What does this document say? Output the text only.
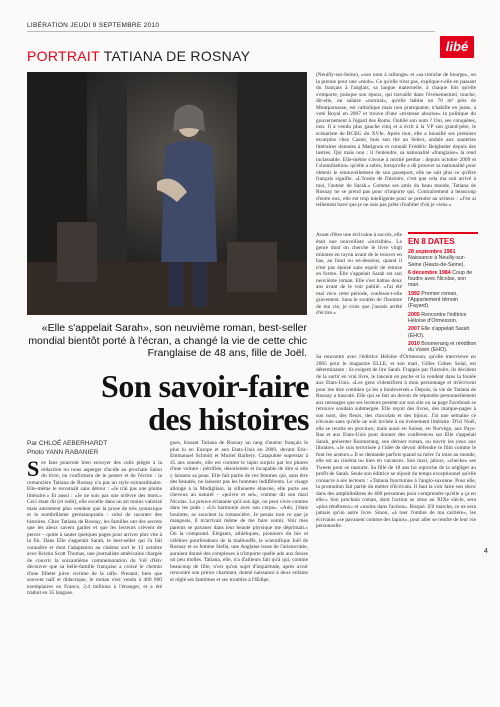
LIBÉRATION JEUDI 9 SEPTEMBRE 2010
libé
PORTRAIT TATIANA DE ROSNAY
«Elle s'appelait Sarah», son neuvième roman, best-seller mondial bientôt porté à l'écran, a changé la vie de cette chic Franglaise de 48 ans, fille de Joël.
Son savoir-faire
des histoires
Par CHLOÉ AEBERHARDT
Photo YANN RABANIER
S es fans pourront bien envoyer des colis piégés à la rédaction ou nous asperger d'acide au prochain Salon du livre, on confirmera de le penser et de l'écrire : la romancière Tatiana de Rosnay n'a pas un style extraordinaire. Elle-même le reconnaît sans détour : «Je n'ai pas une plume littéraire.» Et aussi : «Je ne suis pas une orfèvre des mots.» Ceci étant dit (et redit), elle excelle dans un art moins valorisé mais autrement plus vendeur que la prose de très syntaxique et le nombrilisme germanopratin : celui de raconter des histoires. Chez Tatiana de Rosnay, les familles ont des secrets que les aïeux savent garder et que les lecteurs crèvent de percer – quitte à sauter quelques pages pour arriver plus vite à la fin. Dans Elle s'appelait Sarah, le best-seller qui l'a fait connaître et dont l'adaptation au cinéma sort le 13 octobre avec Kristin Scott Thomas, une journaliste américaine chargée de couvrir la soixantième commémoration du Vél d'Hiv découvre que sa belle-famille française a croisé le chemin d'une fillette juive victime de la rafle. Prenant, bien que souvent naïf et didactique, le roman s'est vendu à 400 000 exemplaires en France, 2,4 millions à l'étranger, et a été traduit en 35 langues.
gues, hissant Tatiana de Rosnay au rang d'auteur français le plus lu en Europe et aux Etats-Unis en 2009, devant Eric-Emmanuel Schmitt et Muriel Barbery. Catapultée superstar à 45 ans sonnés, elle est comme le lapin surpris par les phares d'une voiture : pétrifiée, désorientée et incapable de dire si elle y laissera sa peau. Elle fait partie de ces femmes qui, sans être des beautés, ne laissent pas les hommes indifférents. Le visage allongé à la Modigliani, la silhouette élancée, elle porte ses cheveux au naturel – «poivre et sel», comme dit son mari Nicolas. La preuve éclatante qu'à son âge, on peut vivre comme dans les pubs : «Un harmonie avec son corps». «Ado, j'étais boulotte, se souvient la romancière. Je pesais tout ce que je mangeais, il m'arrivait même de me faire vomir. Voir mes parents se pavaner dans leur beauté physique me déprimait.» On la comprend. Elégants, athlétiques, pionniers du bio et célèbres pourfendeurs de la malbouffe, le scientifique Joël de Rosnay et sa femme Stella, une Anglaise issue de l'aristocratie, auraient donné des complexes à n'importe quelle ado aux fesses un peu molles. Tatiana, elle, n'a d'ailleurs fait qu'à qui, comme beaucoup de fille, n'est qu'un sujet d'inquiétude, après avoir rencontré son prince charmant, donné naissance à deux enfants et réglé ses fantômes et ses troubles à l'Œdipe.
(Neuilly-sur-Seine), «son nom à rallonge» et «sa tronche de bourge», on la prenne pour une «mob». Ce qu'elle n'est pas, explique-t-elle en passant du français à l'anglais, sa langue maternelle, à chaque fois qu'elle s'emporte, puisque son époux, qui travaille dans l'événementiel, touche, dit-elle, un salaire «normal», qu'elle habite un 70 m² près de Montparnasse, est catholique mais non pratiquante, n'habille en jeans, a voté Royal en 2007 et trouve d'une «tristesse absolue» la politique du gouvernement à l'égard des Roms. Oublié son nom ? Oui, ses conquêtes, non. Il a vendu plus gauche cinq et a écrit à la VP son grand-père, le scénariste de BCBG du XVIe. Après tout, elle a bousillé ses premiers escarpins chez Castel, bois son thé au Select, andale aux sauteries littéraires données à Matignon et connaît Frédéric Beigbeder depuis des lustres. Qui mais non : il l'entendre, sa nationalité «franglaise» la rend inclassable. Elle-même s'avoue à moitié perdue : depuis octobre 2009 et l'«humiliation» qu'elle a subie, lorsqu'elle a dû prouver sa nationalité pour obtenir le renouvellement de son passeport, elle ne sait plus ce qu'être français signifie. «L'Ironie de l'histoire, c'est que cela ma soit arrivé à moi, l'auteur de Sarah.» Comme ses amis du beau monde, Tatiana de Rosnay ne se prend pas pour n'importe qui. Contrairement à beaucoup d'entre eux, elle est trop intelligente pour se prendre au sérieux : «J'en ai tellement bavé que je ne suis pas prête d'oublier d'où je viens.»
Avant d'être une écrivaine à succès, elle était une nouvelliste «invisible». Le genre dont on cherche le livre vingt minutes en rayon avant de le trouver en bas, au fond ou en-dessous, quand il n'est pas épuisé sans espoir de remise en forme. Elle s'appelait Sarah est son neuvième roman. Elle s'est battue deux ans avant de le voir publié. «J'ai été mal vécu cette période, confesse-t-elle gravement. Sans le soutien de l'homme de ma vie, je crois que j'aurais arrêté d'écrire.»
EN 8 DATES
28 septembre 1961 Naissance à Neuilly-sur-Seine (Hauts-de-Seine).
6 décembre 1984 Coup de foudre avec Nicolas, son mari.
1992 Premier roman, l'Appartement témoin (Fayard).
2005 Rencontre l'éditrice Héloïse d'Ormesson.
2007 Elle s'appelait Sarah (EHO).
2010 Boomerang et réédition du Voisin (EHO).
Sa rencontre avec l'éditrice Héloïse d'Ormesson, qu'elle interviewe en 2005 pour le magazine ELLE, et son mari, Gilles Cohen Solal, est déterminante : ils exigent de lire Sarah. Frappés par l'histoire, ils décident de la sortir en vrai livre, le lancent en poche et la vendent dans la foulée aux Etats-Unis. «Les gens s'identifient à mon personnage et m'écrivent pour me dire combien ça les a bouleversés.» Depuis, la vie de Tatiana de Rosnay a basculé. Elle qui se fait un devoir de répondre personnellement aux messages que ses lecteurs postent sur son site ou sa page Facebook se retrouve soudain submergée. Elle reçoit des livres, des marque-pages à son nom, des fleurs, des chocolats et des bijoux. J'ai une semaine ce n'écoute sans qu'elle ne soit invitée à un événement littéraire. D'ici Noël, elle se rendra en province, mais aussi en Suisse, en Norvège, aux Pays-Bas et aux Etats-Unis pour donner des conférences sur Elle s'appelait Sarah, présenter Boomerang, son dernier roman, ou ouvrir les yeux aux libraires. «Je suis terrorisée à l'idée de devoir défendre le film comme le font les acteurs.» Il se demande parfois quand sa mère l'a mise au monde, elle est au cinéma ou bien en vacances. Son mari, jaloux, «checke» ses Tweets pour se rassurer. Sa fille de 18 ans lui reproche de la négliger au profit de Sarah. Seule son éditrice se réjouit du temps exceptionnel qu'elle consacre à ses lecteurs : «Tatiana fonctionne à l'anglo-saxonne. Pour elle, la promotion fait partie du métier d'écrivain. Il faut la voir faire son show dans des amphithéâtres de 400 personnes pour comprendre qu'elle a ça en elle.» Son prochain roman, dont l'action se situe au XIXe siècle, sera «plus ténébreux» et «moins dans l'action». Risqué. S'il marche, ce ne sera jamais qu'un autre livre. Sinon, «à tuer l'ombre de ma carrière», les écrivains «se pavanent comme des lapins», pour aller se rendre de leur vie personnelle.
4
